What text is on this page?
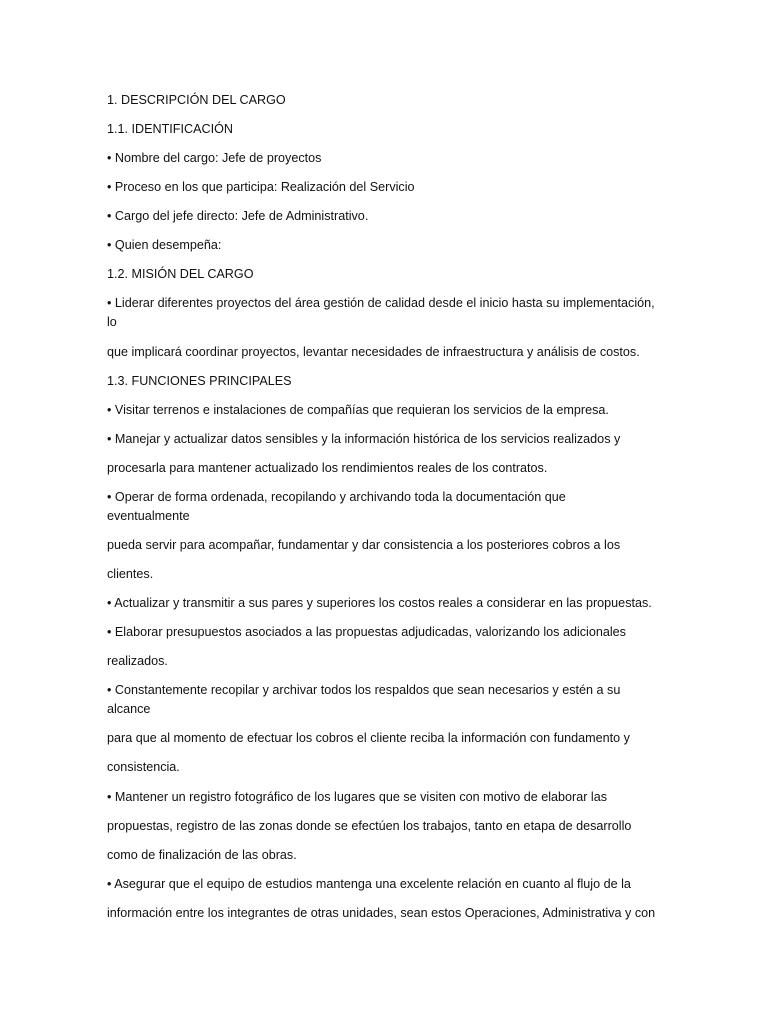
1. DESCRIPCIÓN DEL CARGO

1.1. IDENTIFICACIÓN

• Nombre del cargo: Jefe de proyectos

• Proceso en los que participa: Realización del Servicio

• Cargo del jefe directo: Jefe de Administrativo.

• Quien desempeña:

1.2. MISIÓN DEL CARGO

• Liderar diferentes proyectos del área gestión de calidad desde el inicio hasta su implementación,

lo

que implicará coordinar proyectos, levantar necesidades de infraestructura y análisis de costos.

1.3. FUNCIONES PRINCIPALES

• Visitar terrenos e instalaciones de compañías que requieran los servicios de la empresa.

• Manejar y actualizar datos sensibles y la información histórica de los servicios realizados y

procesarla para mantener actualizado los rendimientos reales de los contratos.

• Operar de forma ordenada, recopilando y archivando toda la documentación que

eventualmente

pueda servir para acompañar, fundamentar y dar consistencia a los posteriores cobros a los

clientes.

• Actualizar y transmitir a sus pares y superiores los costos reales a considerar en las propuestas.

• Elaborar presupuestos asociados a las propuestas adjudicadas, valorizando los adicionales

realizados.

• Constantemente recopilar y archivar todos los respaldos que sean necesarios y estén a su

alcance

para que al momento de efectuar los cobros el cliente reciba la información con fundamento y

consistencia.

• Mantener un registro fotográfico de los lugares que se visiten con motivo de elaborar las

propuestas, registro de las zonas donde se efectúen los trabajos, tanto en etapa de desarrollo

como de finalización de las obras.

• Asegurar que el equipo de estudios mantenga una excelente relación en cuanto al flujo de la

información entre los integrantes de otras unidades, sean estos Operaciones, Administrativa y con
